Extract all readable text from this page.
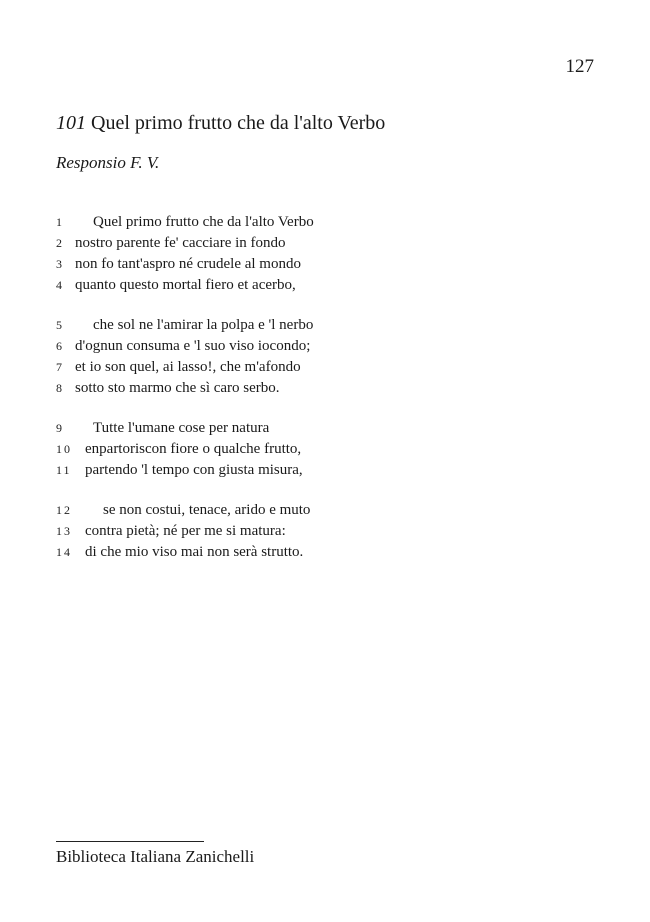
127
101 Quel primo frutto che da l'alto Verbo
Responsio F. V.
1	Quel primo frutto che da l'alto Verbo
2 nostro parente fe' cacciare in fondo
3 non fo tant'aspro né crudele al mondo
4 quanto questo mortal fiero et acerbo,
5	che sol ne l'amirar la polpa e 'l nerbo
6 d'ognun consuma e 'l suo viso iocondo;
7 et io son quel, ai lasso!, che m'afondo
8 sotto sto marmo che sì caro serbo.
9	Tutte l'umane cose per natura
10 enpartoriscon fiore o qualche frutto,
11 partendo 'l tempo con giusta misura,
12	se non costui, tenace, arido e muto
13 contra pietà; né per me si matura:
14 di che mio viso mai non serà strutto.
Biblioteca Italiana Zanichelli
